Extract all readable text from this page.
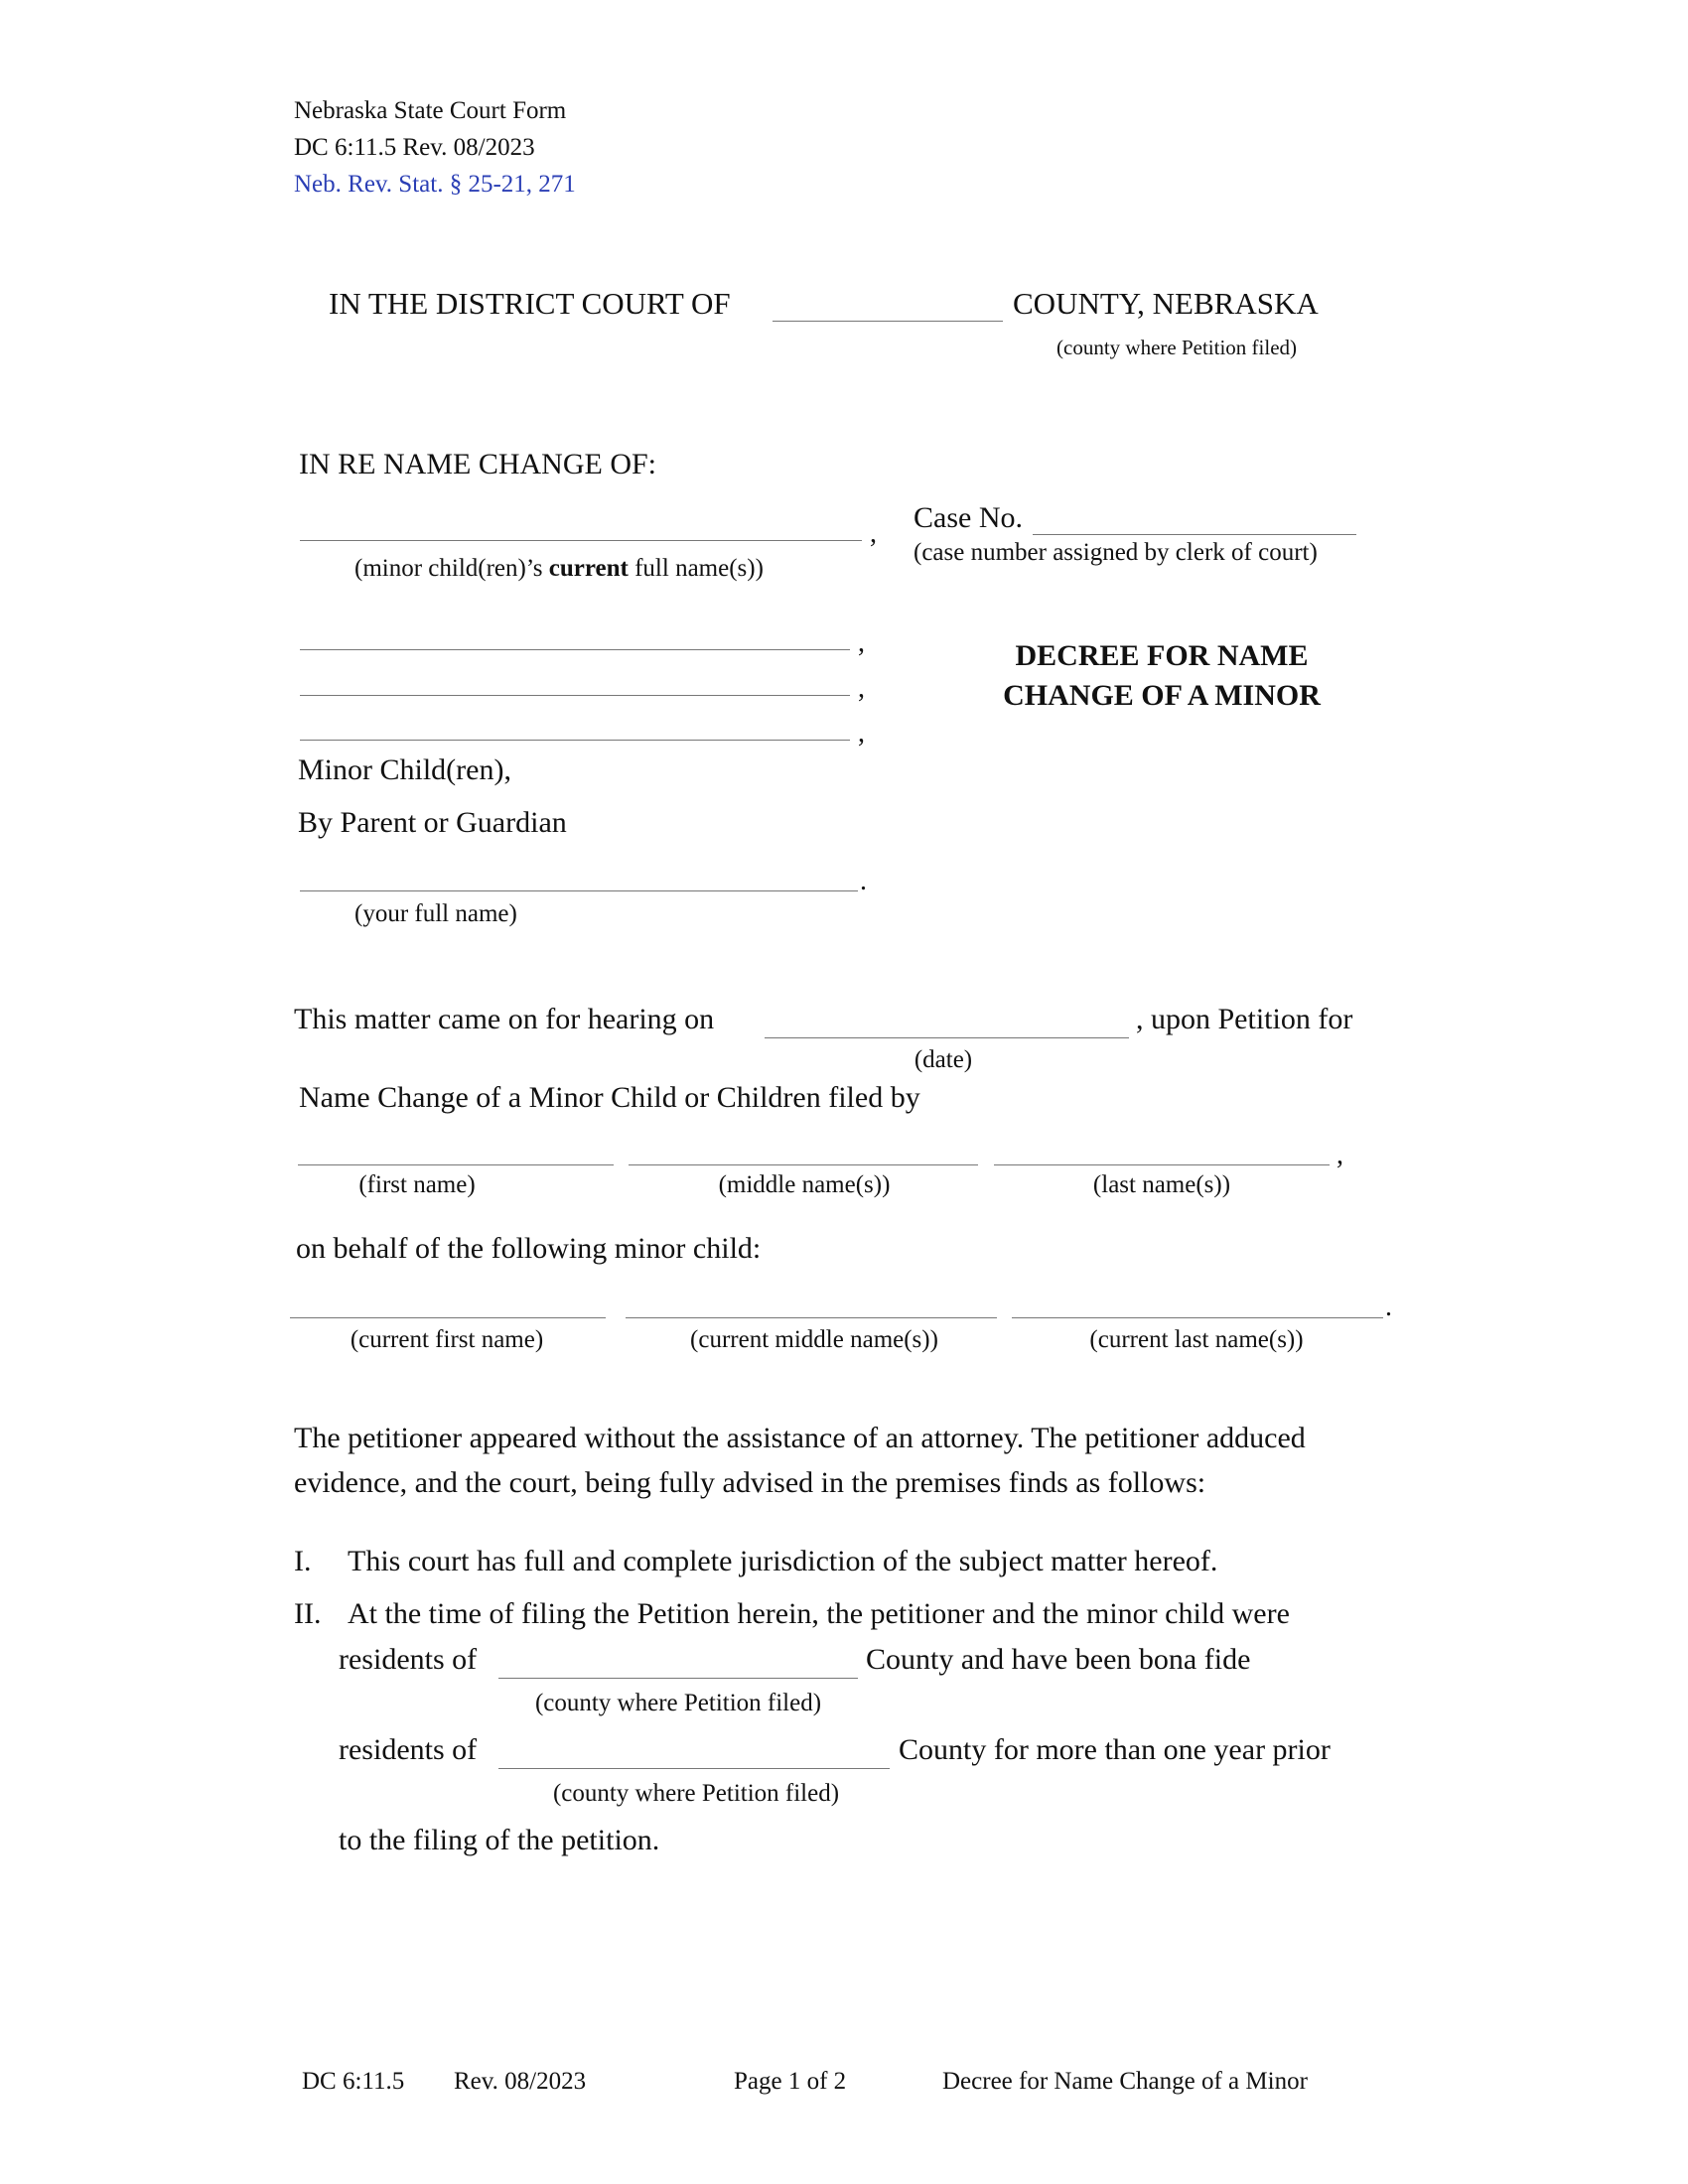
Nebraska State Court Form
DC 6:11.5 Rev. 08/2023
Neb. Rev. Stat. § 25-21, 271
IN THE DISTRICT COURT OF	COUNTY, NEBRASKA
(county where Petition filed)
IN RE NAME CHANGE OF:
,
(minor child(ren)’s current full name(s))
,
,
,
Minor Child(ren),
By Parent or Guardian
.
(your full name)
Case No.
(case number assigned by clerk of court)
DECREE FOR NAME
CHANGE OF A MINOR
This matter came on for hearing on	, upon Petition for
(date)
Name Change of a Minor Child or Children filed by
,
(first name)	(middle name(s))	(last name(s))
on behalf of the following minor child:
.
(current first name)	(current middle name(s))	(current last name(s))
The petitioner appeared without the assistance of an attorney. The petitioner adduced
evidence, and the court, being fully advised in the premises finds as follows:
I. This court has full and complete jurisdiction of the subject matter hereof.
II. At the time of filing the Petition herein, the petitioner and the minor child were
residents of	County and have been bona fide
(county where Petition filed)
residents of	County for more than one year prior
(county where Petition filed)
to the filing of the petition.
DC 6:11.5 Rev. 08/2023	Page 1 of 2	Decree for Name Change of a Minor
